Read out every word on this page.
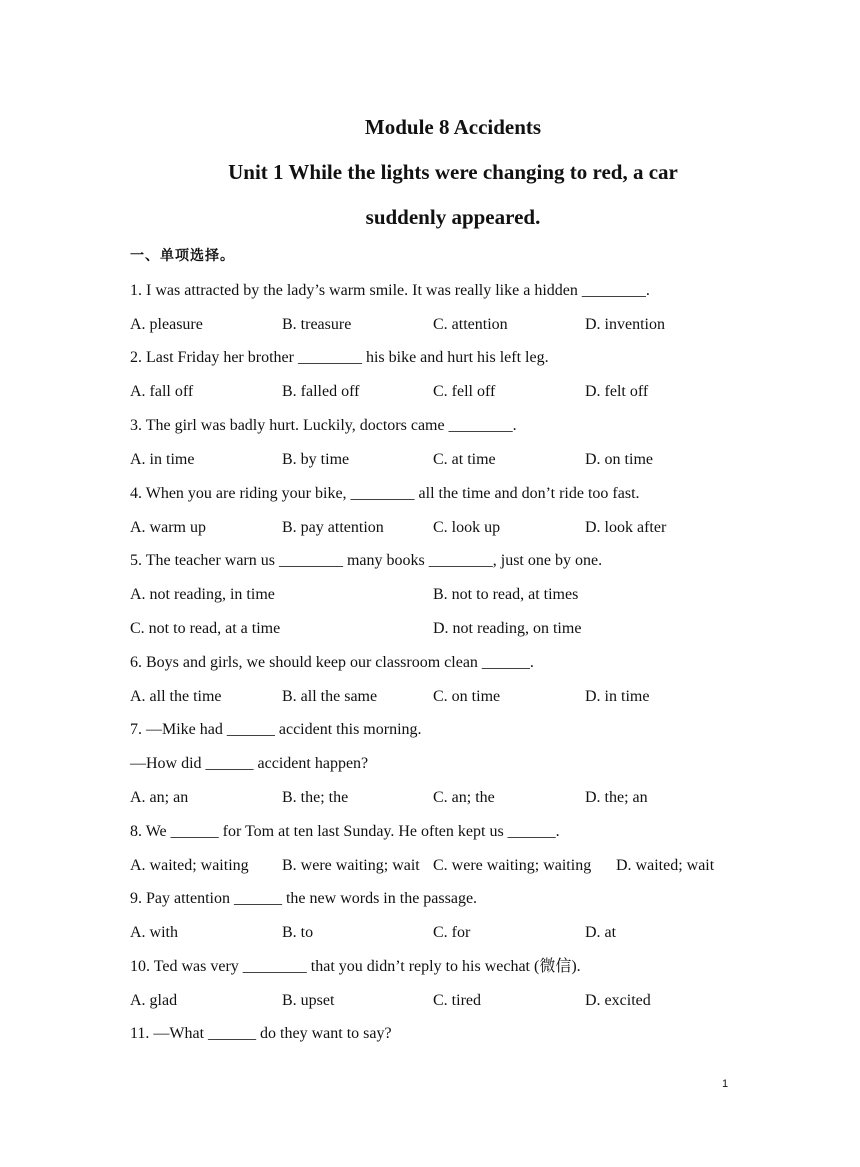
Module 8 Accidents
Unit 1 While the lights were changing to red, a car
suddenly appeared.
一、单项选择。
1. I was attracted by the lady’s warm smile. It was really like a hidden ________.
A. pleasure	B. treasure	C. attention	D. invention
2. Last Friday her brother ________ his bike and hurt his left leg.
A. fall off	B. falled off	C. fell off	D. felt off
3. The girl was badly hurt. Luckily, doctors came ________.
A. in time	B. by time	C. at time	D. on time
4. When you are riding your bike, ________ all the time and don’t ride too fast.
A. warm up	B. pay attention	C. look up	D. look after
5. The teacher warn us ________ many books ________, just one by one.
A. not reading, in time	B. not to read, at times
C. not to read, at a time	D. not reading, on time
6. Boys and girls, we should keep our classroom clean ______.
A. all the time	B. all the same	C. on time	D. in time
7. —Mike had ______ accident this morning.
—How did ______ accident happen?
A. an; an	B. the; the	C. an; the	D. the; an
8. We ______ for Tom at ten last Sunday. He often kept us ______.
A. waited; waiting B. were waiting; wait C. were waiting; waiting D. waited; wait
9. Pay attention ______ the new words in the passage.
A. with	B. to	C. for	D. at
10. Ted was very ________ that you didn’t reply to his wechat (微信).
A. glad	B. upset	C. tired	D. excited
11. —What ______ do they want to say?
1
